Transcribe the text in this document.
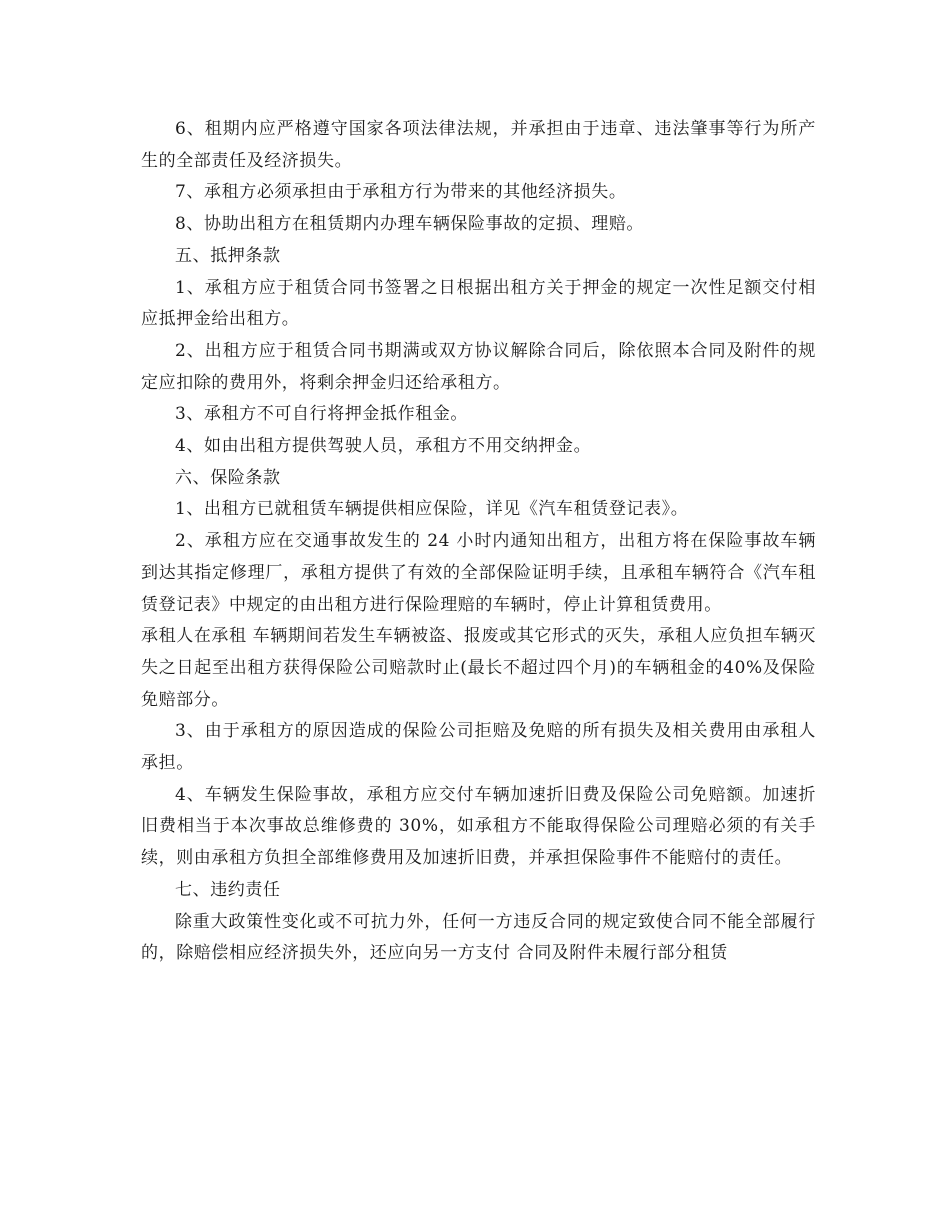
6、租期内应严格遵守国家各项法律法规，并承担由于违章、违法肇事等行为所产生的全部责任及经济损失。

7、承租方必须承担由于承租方行为带来的其他经济损失。

8、协助出租方在租赁期内办理车辆保险事故的定损、理赔。

五、抵押条款

1、承租方应于租赁合同书签署之日根据出租方关于押金的规定一次性足额交付相应抵押金给出租方。

2、出租方应于租赁合同书期满或双方协议解除合同后，除依照本合同及附件的规定应扣除的费用外，将剩余押金归还给承租方。

3、承租方不可自行将押金抵作租金。

4、如由出租方提供驾驶人员，承租方不用交纳押金。

六、保险条款

1、出租方已就租赁车辆提供相应保险，详见《汽车租赁登记表》。

2、承租方应在交通事故发生的 24 小时内通知出租方，出租方将在保险事故车辆到达其指定修理厂，承租方提供了有效的全部保险证明手续，且承租车辆符合《汽车租赁登记表》中规定的由出租方进行保险理赔的车辆时，停止计算租赁费用。

承租人在承租 车辆期间若发生车辆被盗、报废或其它形式的灭失，承租人应负担车辆灭失之日起至出租方获得保险公司赔款时止(最长不超过四个月)的车辆租金的40%及保险免赔部分。

3、由于承租方的原因造成的保险公司拒赔及免赔的所有损失及相关费用由承租人承担。

4、车辆发生保险事故，承租方应交付车辆加速折旧费及保险公司免赔额。加速折旧费相当于本次事故总维修费的 30%，如承租方不能取得保险公司理赔必须的有关手续，则由承租方负担全部维修费用及加速折旧费，并承担保险事件不能赔付的责任。

七、违约责任

除重大政策性变化或不可抗力外，任何一方违反合同的规定致使合同不能全部履行的，除赔偿相应经济损失外，还应向另一方支付 合同及附件未履行部分租赁
